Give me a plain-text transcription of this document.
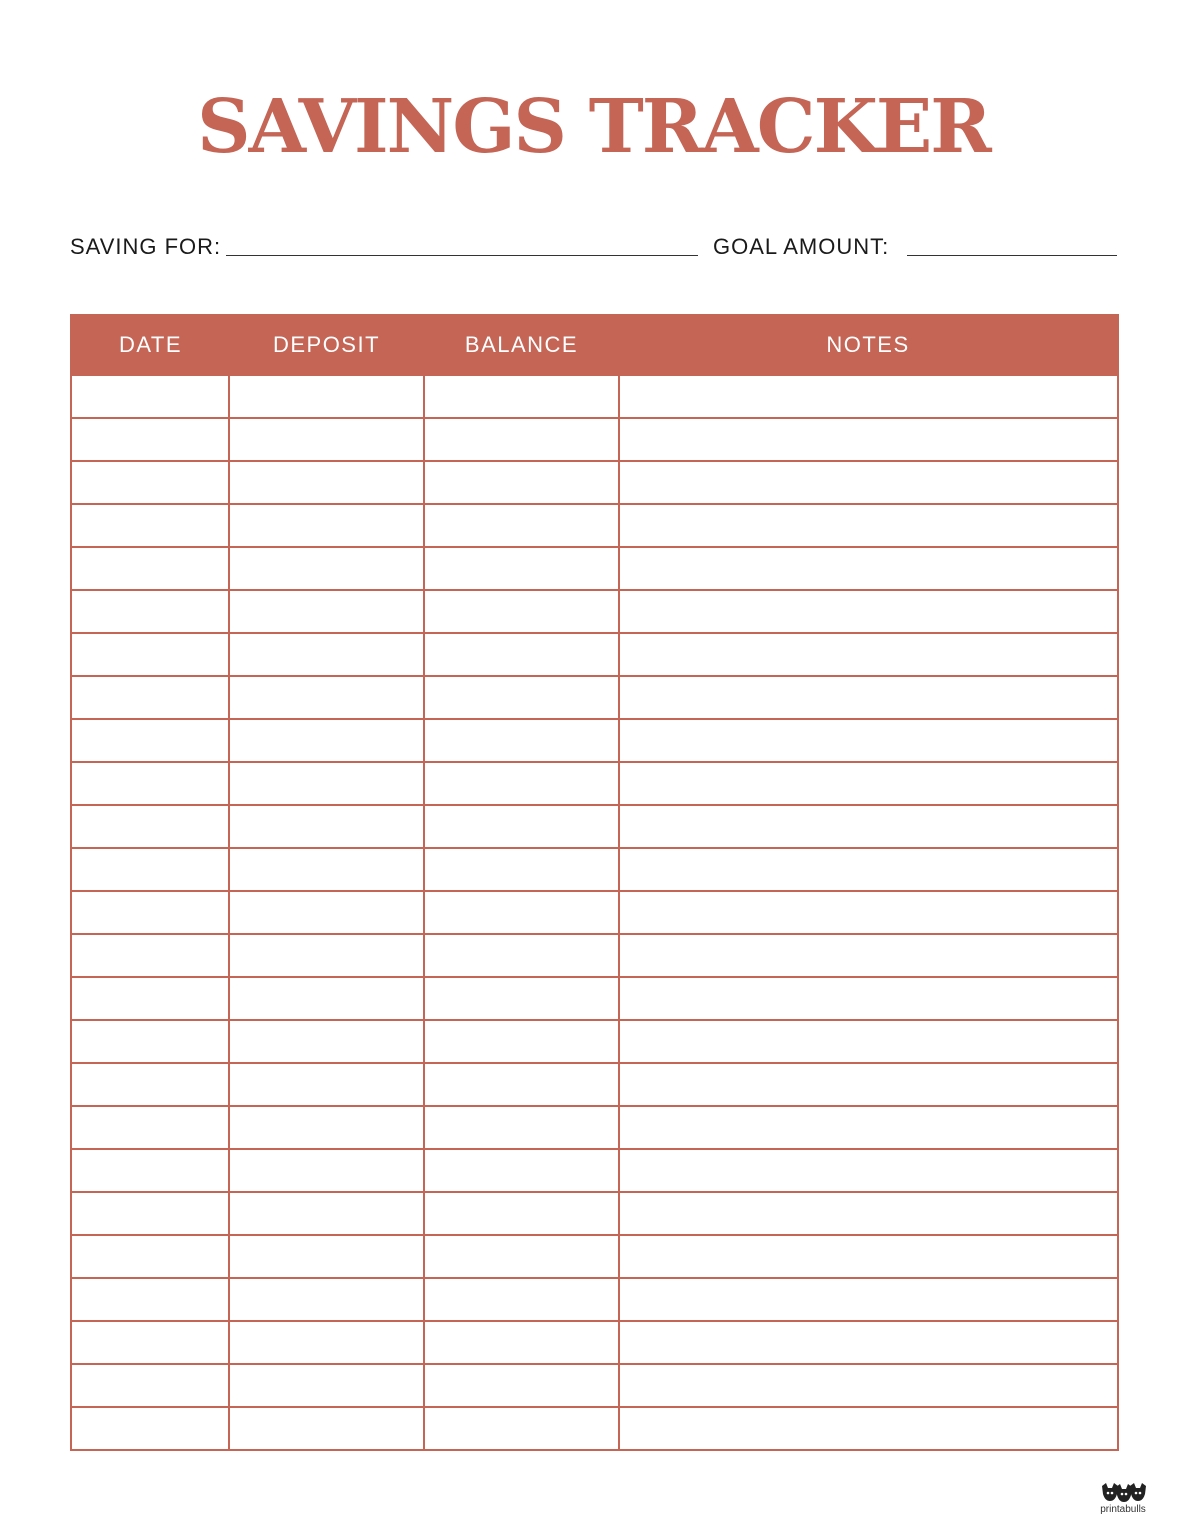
SAVINGS TRACKER
SAVING FOR:	GOAL AMOUNT:
DATE	DEPOSIT	BALANCE	NOTES

printabulls
